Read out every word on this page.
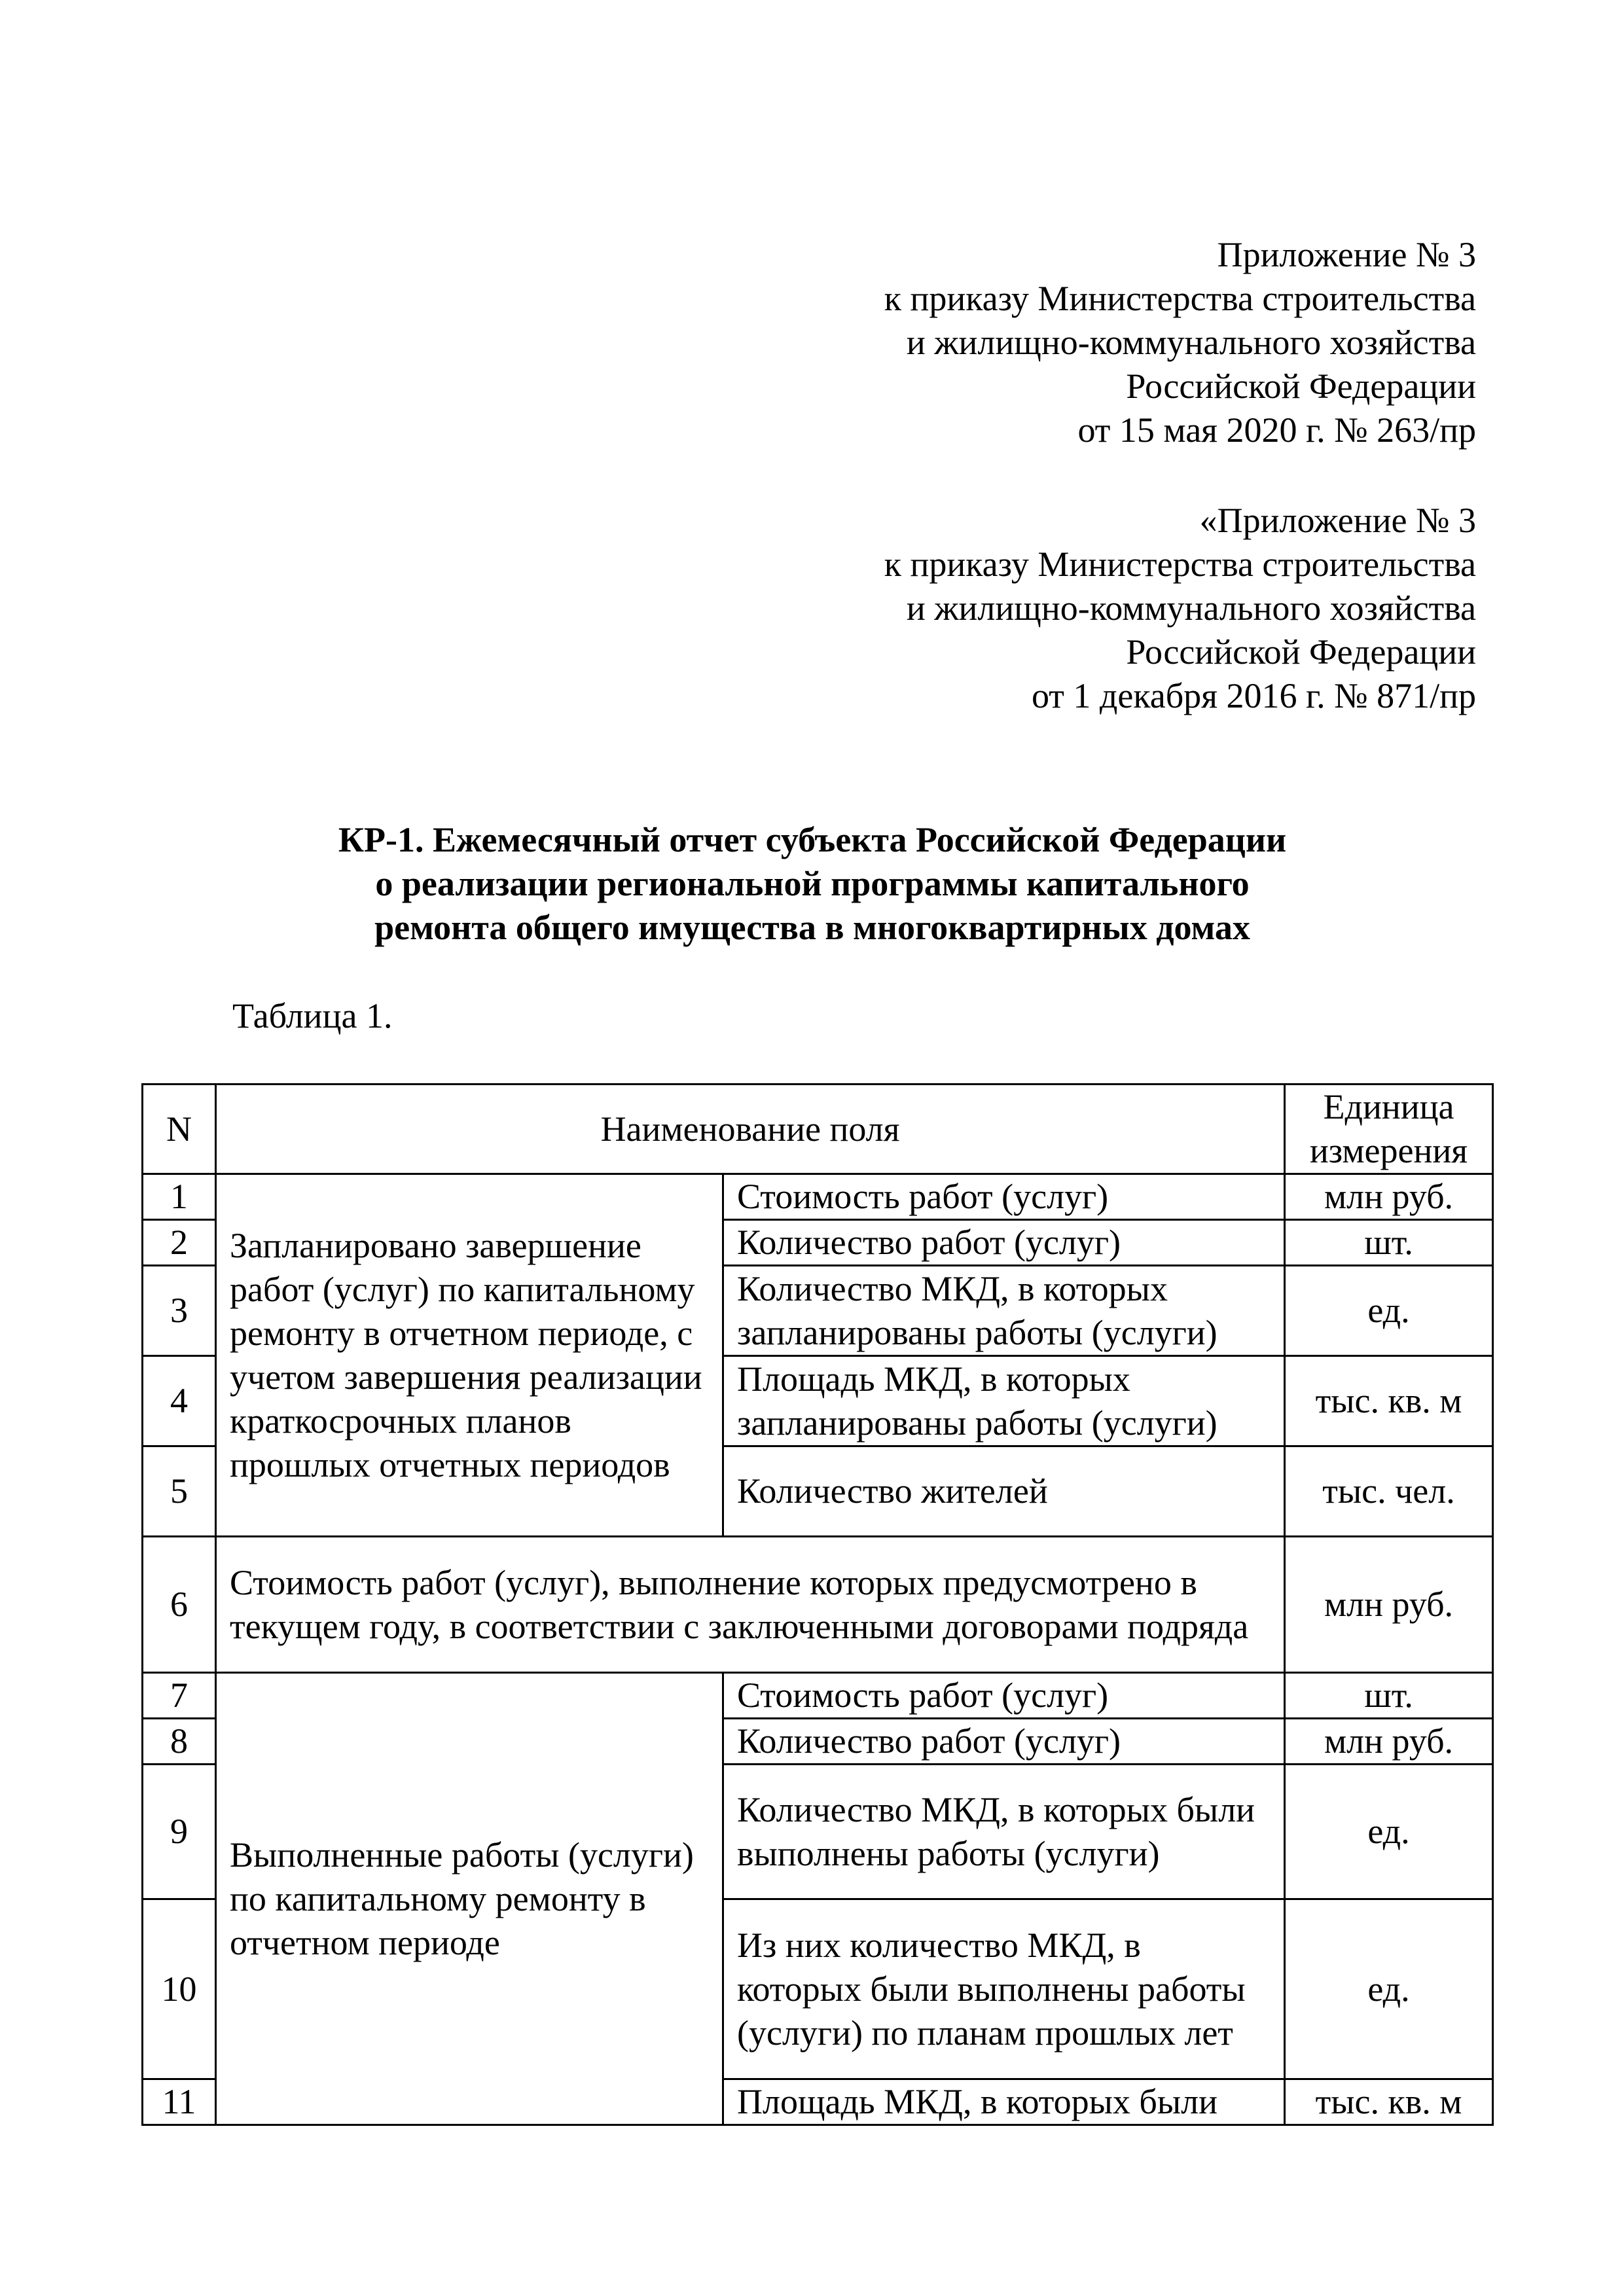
Приложение № 3
к приказу Министерства строительства
и жилищно-коммунального хозяйства
Российской Федерации
от 15 мая 2020 г. № 263/пр
«Приложение № 3
к приказу Министерства строительства
и жилищно-коммунального хозяйства
Российской Федерации
от 1 декабря 2016 г. № 871/пр
КР-1. Ежемесячный отчет субъекта Российской Федерации
о реализации региональной программы капитального
ремонта общего имущества в многоквартирных домах
Таблица 1.
N	Наименование поля		Единица измерения
1	Запланировано завершение работ (услуг) по капитальному ремонту в отчетном периоде, с учетом завершения реализации краткосрочных планов прошлых отчетных периодов	Стоимость работ (услуг)	млн руб.
2		Количество работ (услуг)	шт.
3		Количество МКД, в которых запланированы работы (услуги)	ед.
4		Площадь МКД, в которых запланированы работы (услуги)	тыс. кв. м
5		Количество жителей	тыс. чел.
6	Стоимость работ (услуг), выполнение которых предусмотрено в текущем году, в соответствии с заключенными договорами подряда		млн руб.
7	Выполненные работы (услуги) по капитальному ремонту в отчетном периоде	Стоимость работ (услуг)	шт.
8		Количество работ (услуг)	млн руб.
9		Количество МКД, в которых были выполнены работы (услуги)	ед.
10		Из них количество МКД, в которых были выполнены работы (услуги) по планам прошлых лет	ед.
11		Площадь МКД, в которых были	тыс. кв. м
